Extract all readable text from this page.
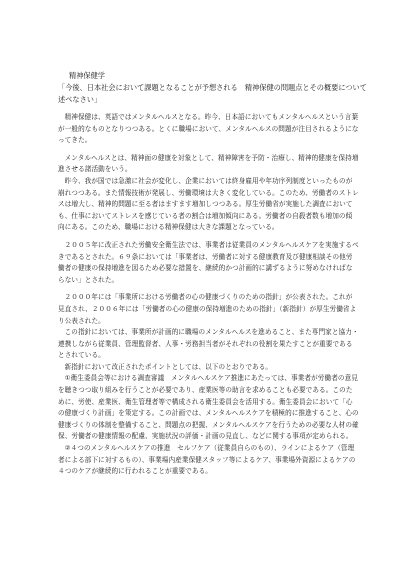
精神保健学
「今後、日本社会において課題となることが予想される　精神保健の問題点とその概要について述べなさい」

精神保健は、英語ではメンタルヘルスとなる。昨今、日本語においてもメンタルヘルスという言葉が一般的なものとなりつつある。とくに職場において、メンタルヘルスの問題が注目されるようになってきた。

メンタルヘルスとは、精神面の健康を対象として、精神障害を予防・治療し、精神的健康を保持増進させる諸活動をいう。

昨今、我が国では急激に社会が変化し、企業においては終身雇用や年功序列制度といったものが崩れつつある。また情報技術が発展し、労働環境は大きく変化している。このため、労働者のストレスは増大し、精神的問題に至る者はますます増加しつつある。厚生労働省が実施した調査においても、仕事においてストレスを感じている者の割合は増加傾向にある。労働者の自殺者数も増加の傾向にある。このため、職場における精神保健は大きな課題となっている。

２００５年に改正された労働安全衛生法では、事業者は従業員のメンタルヘルスケアを実施するべきであるとされた。６９条においては「事業者は、労働者に対する健康教育及び健康相談その他労働者の健康の保持増進を図るため必要な措置を、継続的かつ計画的に講ずるように努めなければならない」とされた。

２０００年には「事業所における労働者の心の健康づくりのための指針」が公表された。これが見直され、２００６年には「労働者の心の健康の保持増進のための指針」（新指針）が厚生労働省より公表された。

この指針においては、事業所が計画的に職場のメンタルヘルスを進めること、また専門家と協力・連携しながら従業員、管理監督者、人事・労務担当者がそれぞれの役割を果たすことが重要であるとされている。

新指針において改正されたポイントとしては、以下のとおりである。

①衛生委員会等における調査審議　メンタルヘルスケア推進にあたっては、事業者が労働者の意見を聴きつつ取り組みを行うことが必要であり、産業医等の助言を求めることも必要である。このために、労使、産業医、衛生管理者等で構成される衛生委員会を活用する。衛生委員会において「心の健康づくり計画」を策定する。この計画では、メンタルヘルスケアを積極的に推進すること、心の健康づくりの体制を整備すること、問題点の把握、メンタルヘルスケアを行うための必要な人材の確保、労働者の健康情報の配慮、実施状況の評価・計画の見直し、などに関する事項が定められる。

②４つのメンタルヘルスケアの推進　セルフケア（従業員自らのもの）、ラインによるケア（管理者による部下に対するもの）、事業場内産業保健スタッフ等によるケア、事業場外資源によるケアの４つのケアが継続的に行われることが重要である。
